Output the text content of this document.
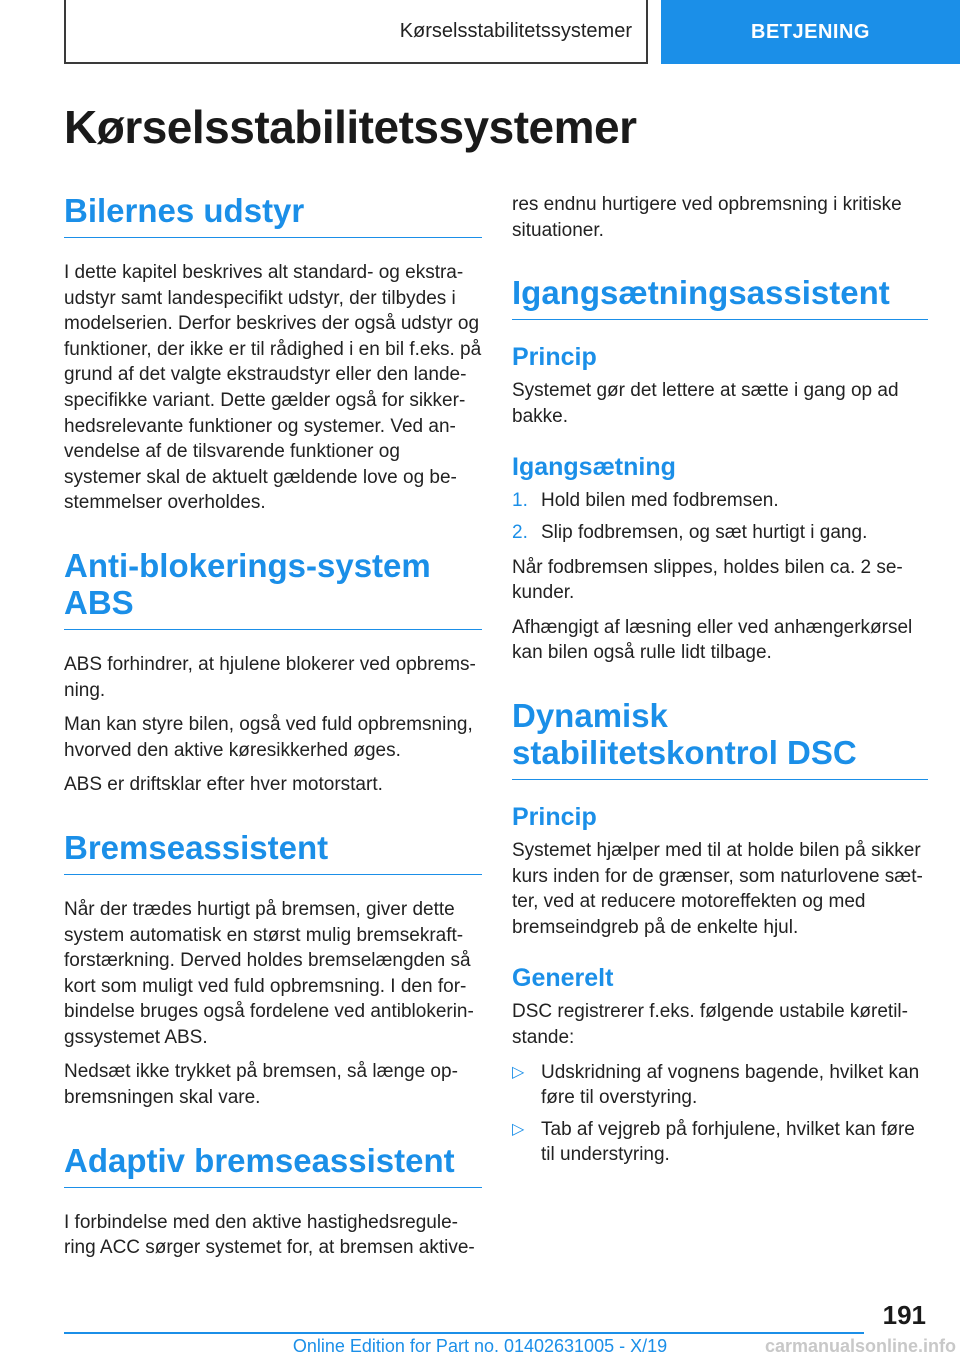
Kørselsstabilitetssystemer	BETJENING
Kørselsstabilitetssystemer
Bilernes udstyr

I dette kapitel beskrives alt standard- og ekstra-udstyr samt landespecifikt udstyr, der tilbydes i modelserien. Derfor beskrives der også udstyr og funktioner, der ikke er til rådighed i en bil f.eks. på grund af det valgte ekstraudstyr eller den lande-specifikke variant. Dette gælder også for sikker-hedsrelevante funktioner og systemer. Ved an-vendelse af de tilsvarende funktioner og systemer skal de aktuelt gældende love og be-stemmelser overholdes.

Anti-blokerings-system ABS

ABS forhindrer, at hjulene blokerer ved opbrems-ning.

Man kan styre bilen, også ved fuld opbremsning, hvorved den aktive køresikkerhed øges.

ABS er driftsklar efter hver motorstart.

Bremseassistent

Når der trædes hurtigt på bremsen, giver dette system automatisk en størst mulig bremsekraft-forstærkning. Derved holdes bremselængden så kort som muligt ved fuld opbremsning. I den for-bindelse bruges også fordelene ved antiblokerin-gssystemet ABS.

Nedsæt ikke trykket på bremsen, så længe op-bremsningen skal vare.

Adaptiv bremseassistent

I forbindelse med den aktive hastighedsregule-ring ACC sørger systemet for, at bremsen aktive-

res endnu hurtigere ved opbremsning i kritiske situationer.

Igangsætningsassistent
Princip

Systemet gør det lettere at sætte i gang op ad bakke.

Igangsætning
1. Hold bilen med fodbremsen.
2. Slip fodbremsen, og sæt hurtigt i gang.

Når fodbremsen slippes, holdes bilen ca. 2 se-kunder.

Afhængigt af læsning eller ved anhængerkørsel kan bilen også rulle lidt tilbage.

Dynamisk stabilitetskontrol DSC
Princip

Systemet hjælper med til at holde bilen på sikker kurs inden for de grænser, som naturlovene sæt-ter, ved at reducere motoreffekten og med bremseindgreb på de enkelte hjul.

Generelt

DSC registrerer f.eks. følgende ustabile køretil-stande:

▷ Udskridning af vognens bagende, hvilket kan føre til overstyring.
▷ Tab af vejgreb på forhjulene, hvilket kan føre til understyring.
191
Online Edition for Part no. 01402631005 - X/19	carmanualsonline.info
